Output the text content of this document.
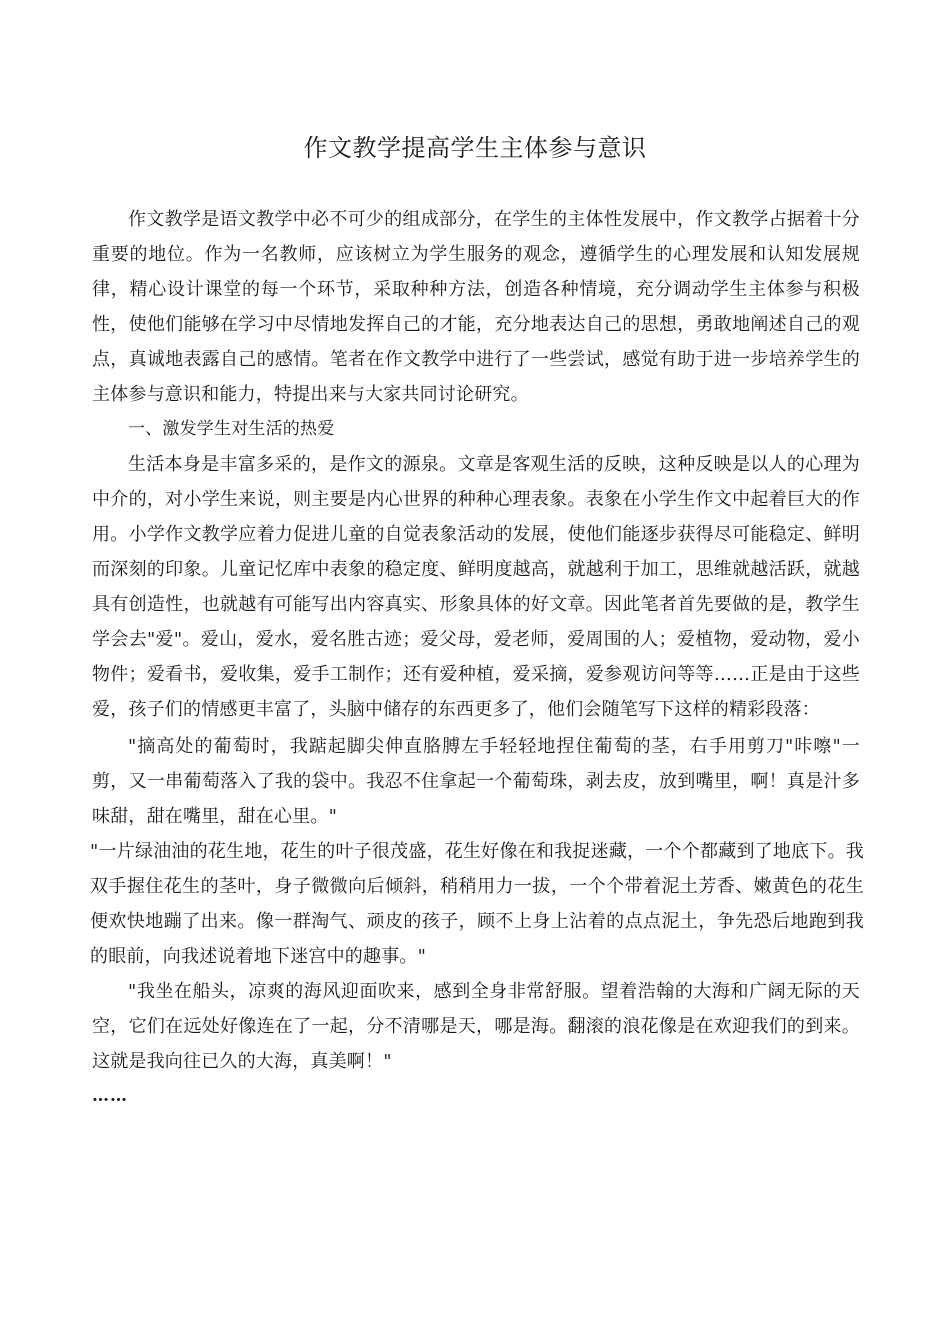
作文教学提高学生主体参与意识

作文教学是语文教学中必不可少的组成部分，在学生的主体性发展中，作文教学占据着十分重要的地位。作为一名教师，应该树立为学生服务的观念，遵循学生的心理发展和认知发展规律，精心设计课堂的每一个环节，采取种种方法，创造各种情境，充分调动学生主体参与积极性，使他们能够在学习中尽情地发挥自己的才能，充分地表达自己的思想，勇敢地阐述自己的观点，真诚地表露自己的感情。笔者在作文教学中进行了一些尝试，感觉有助于进一步培养学生的主体参与意识和能力，特提出来与大家共同讨论研究。

一、激发学生对生活的热爱

生活本身是丰富多采的，是作文的源泉。文章是客观生活的反映，这种反映是以人的心理为中介的，对小学生来说，则主要是内心世界的种种心理表象。表象在小学生作文中起着巨大的作用。小学作文教学应着力促进儿童的自觉表象活动的发展，使他们能逐步获得尽可能稳定、鲜明而深刻的印象。儿童记忆库中表象的稳定度、鲜明度越高，就越利于加工，思维就越活跃，就越具有创造性，也就越有可能写出内容真实、形象具体的好文章。因此笔者首先要做的是，教学生学会去"爱"。爱山，爱水，爱名胜古迹；爱父母，爱老师，爱周围的人；爱植物，爱动物，爱小物件；爱看书，爱收集，爱手工制作；还有爱种植，爱采摘，爱参观访问等等……正是由于这些爱，孩子们的情感更丰富了，头脑中储存的东西更多了，他们会随笔写下这样的精彩段落：

"摘高处的葡萄时，我踮起脚尖伸直胳膊左手轻轻地捏住葡萄的茎，右手用剪刀"咔嚓"一剪，又一串葡萄落入了我的袋中。我忍不住拿起一个葡萄珠，剥去皮，放到嘴里，啊！真是汁多味甜，甜在嘴里，甜在心里。"

"一片绿油油的花生地，花生的叶子很茂盛，花生好像在和我捉迷藏，一个个都藏到了地底下。我双手握住花生的茎叶，身子微微向后倾斜，稍稍用力一拔，一个个带着泥土芳香、嫩黄色的花生便欢快地蹦了出来。像一群淘气、顽皮的孩子，顾不上身上沾着的点点泥土，争先恐后地跑到我的眼前，向我述说着地下迷宫中的趣事。"

"我坐在船头，凉爽的海风迎面吹来，感到全身非常舒服。望着浩翰的大海和广阔无际的天空，它们在远处好像连在了一起，分不清哪是天，哪是海。翻滚的浪花像是在欢迎我们的到来。这就是我向往已久的大海，真美啊！"

……
